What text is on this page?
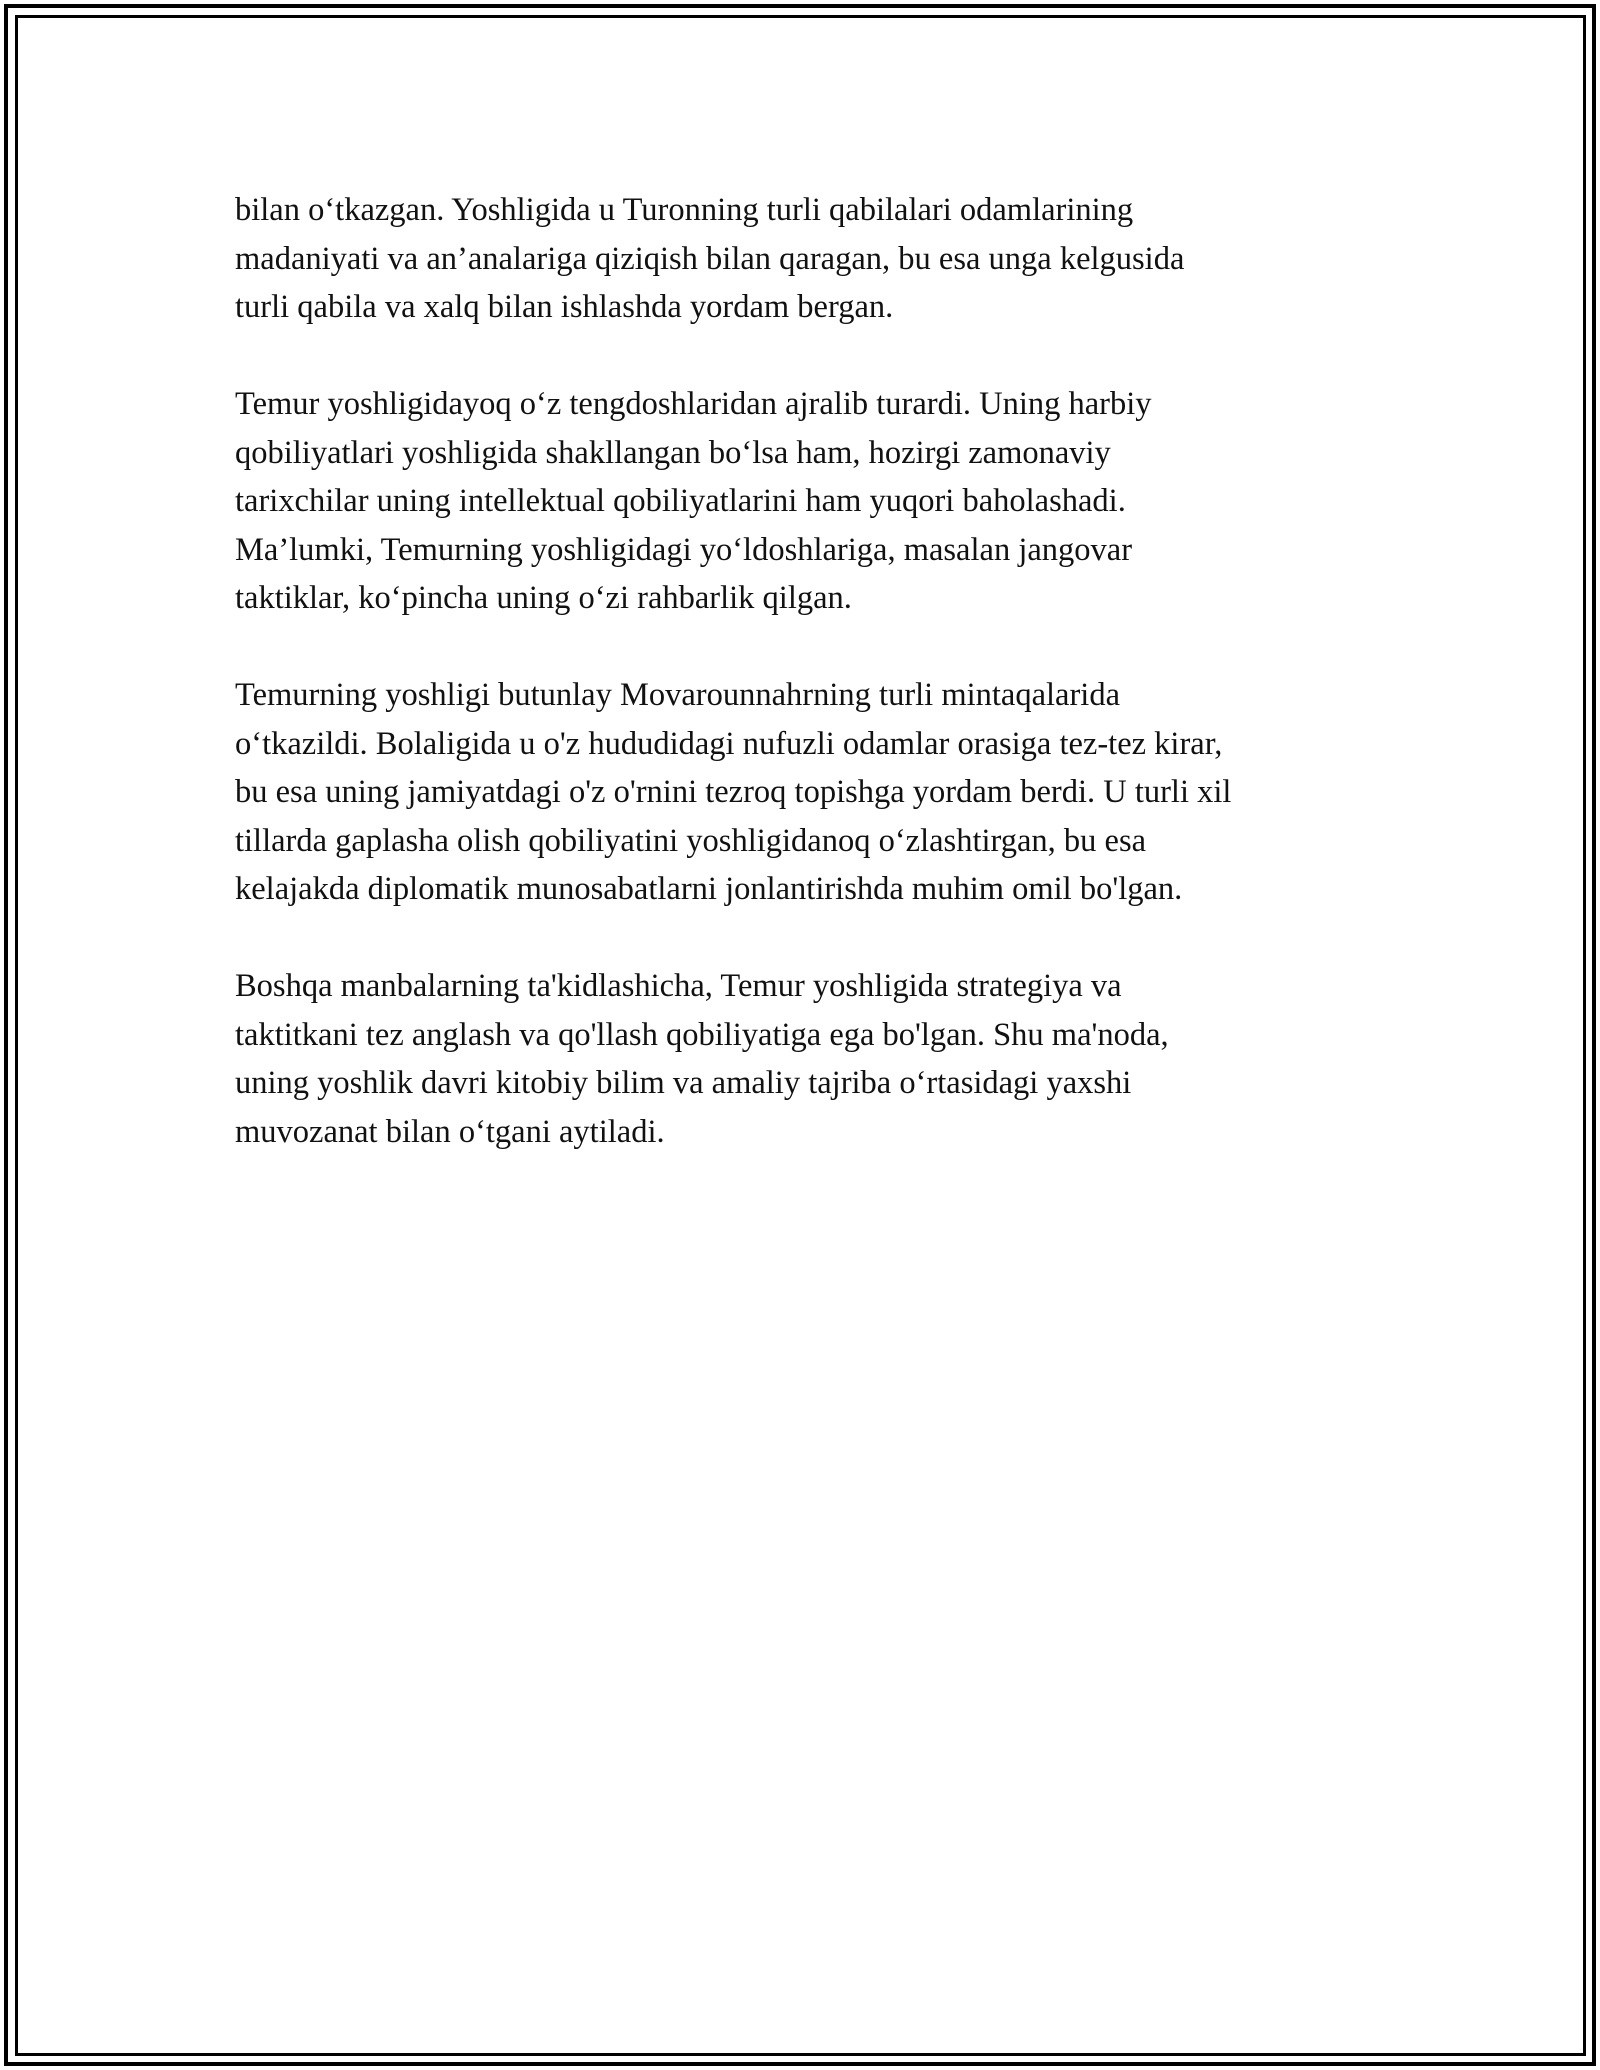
bilan o‘tkazgan. Yoshligida u Turonning turli qabilalari odamlarining
madaniyati va an’analariga qiziqish bilan qaragan, bu esa unga kelgusida
turli qabila va xalq bilan ishlashda yordam bergan.

Temur yoshligidayoq o‘z tengdoshlaridan ajralib turardi. Uning harbiy
qobiliyatlari yoshligida shakllangan bo‘lsa ham, hozirgi zamonaviy
tarixchilar uning intellektual qobiliyatlarini ham yuqori baholashadi.
Ma’lumki, Temurning yoshligidagi yo‘ldoshlariga, masalan jangovar
taktiklar, ko‘pincha uning o‘zi rahbarlik qilgan.

Temurning yoshligi butunlay Movarounnahrning turli mintaqalarida
o‘tkazildi. Bolaligida u o'z hududidagi nufuzli odamlar orasiga tez-tez kirar,
bu esa uning jamiyatdagi o'z o'rnini tezroq topishga yordam berdi. U turli xil
tillarda gaplasha olish qobiliyatini yoshligidanoq o‘zlashtirgan, bu esa
kelajakda diplomatik munosabatlarni jonlantirishda muhim omil bo'lgan.

Boshqa manbalarning ta'kidlashicha, Temur yoshligida strategiya va
taktitkani tez anglash va qo'llash qobiliyatiga ega bo'lgan. Shu ma'noda,
uning yoshlik davri kitobiy bilim va amaliy tajriba o‘rtasidagi yaxshi
muvozanat bilan o‘tgani aytiladi.
